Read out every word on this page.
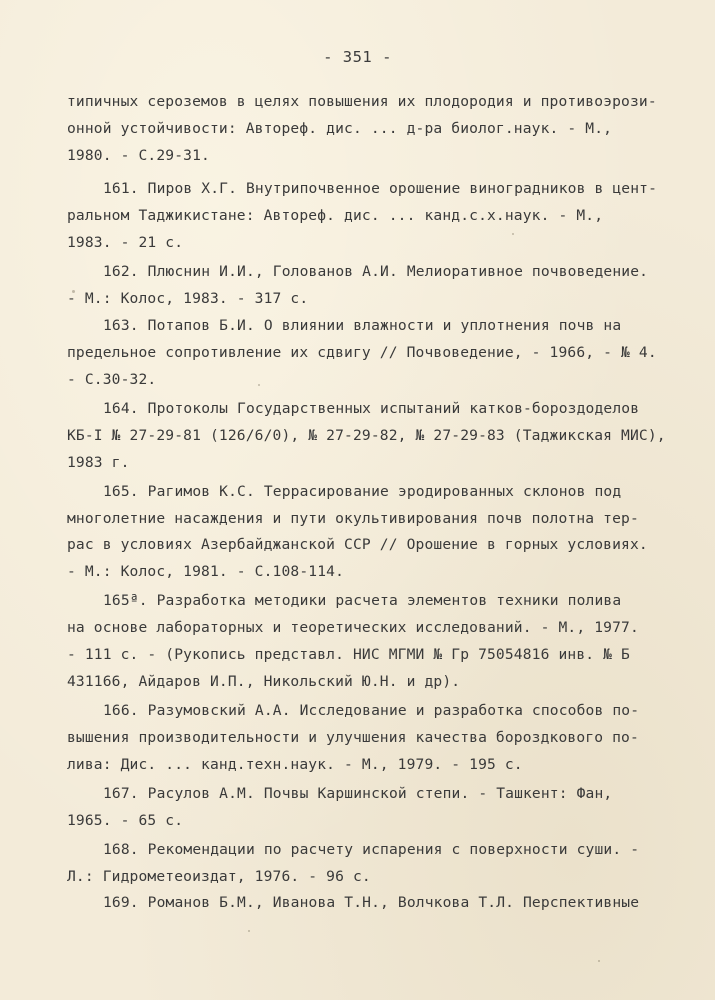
- 351 -
типичных сероземов в целях повышения их плодородия и противоэрози-
онной устойчивости: Автореф. дис. ... д-ра биолог.наук. - М.,
1980. - С.29-31.
161. Пиров Х.Г. Внутрипочвенное орошение виноградников в цент-
ральном Таджикистане: Автореф. дис. ... канд.с.х.наук. - М.,
1983. - 21 с.
162. Плюснин И.И., Голованов А.И. Мелиоративное почвоведение.
- М.: Колос, 1983. - 317 с.
163. Потапов Б.И. О влиянии влажности и уплотнения почв на
предельное сопротивление их сдвигу // Почвоведение, - 1966, - № 4.
- С.30-32.
164. Протоколы Государственных испытаний катков-бороздоделов
КБ-I № 27-29-81 (126/6/0), № 27-29-82, № 27-29-83 (Таджикская МИС),
1983 г.
165. Рагимов К.С. Террасирование эродированных склонов под
многолетние насаждения и пути окультивирования почв полотна тер-
рас в условиях Азербайджанской ССР // Орошение в горных условиях.
- М.: Колос, 1981. - С.108-114.
165ª. Разработка методики расчета элементов техники полива
на основе лабораторных и теоретических исследований. - М., 1977.
- 111 с. - (Рукопись представл. НИС МГМИ № Гр 75054816 инв. № Б
431166, Айдаров И.П., Никольский Ю.Н. и др).
166. Разумовский А.А. Исследование и разработка способов по-
вышения производительности и улучшения качества бороздкового по-
лива: Дис. ... канд.техн.наук. - М., 1979. - 195 с.
167. Расулов А.М. Почвы Каршинской степи. - Ташкент: Фан,
1965. - 65 с.
168. Рекомендации по расчету испарения с поверхности суши. -
Л.: Гидрометеоиздат, 1976. - 96 с.
169. Романов Б.М., Иванова Т.Н., Волчкова Т.Л. Перспективные
